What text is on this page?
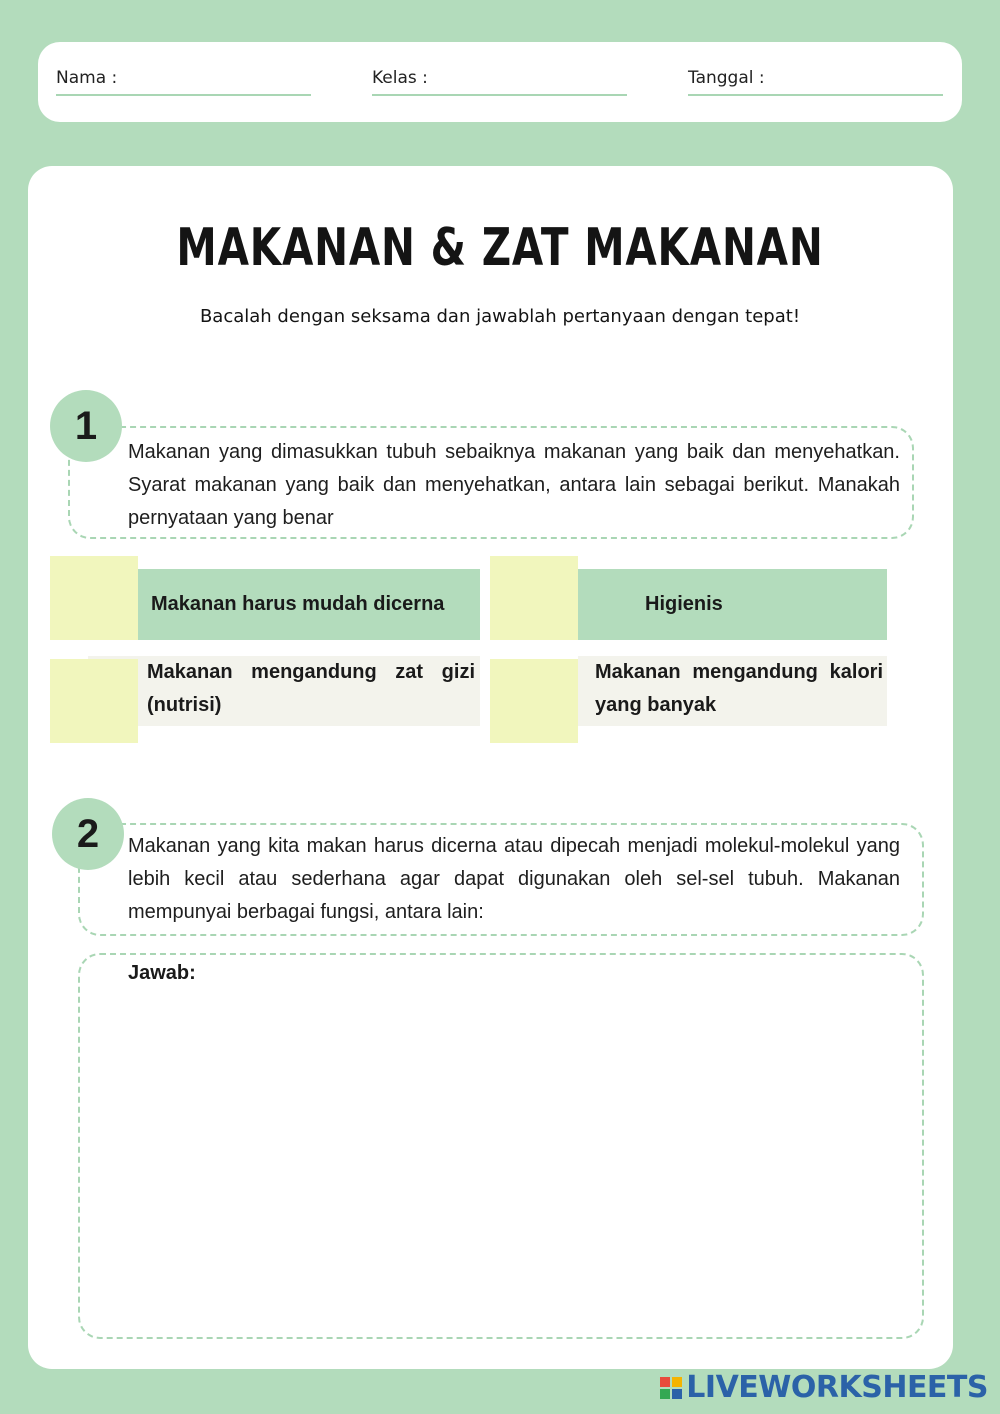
Nama :	Kelas :	Tanggal :
MAKANAN & ZAT MAKANAN
Bacalah dengan seksama dan jawablah pertanyaan dengan tepat!
1
Makanan yang dimasukkan tubuh sebaiknya makanan yang baik dan menyehatkan. Syarat makanan yang baik dan menyehatkan, antara lain sebagai berikut. Manakah pernyataan yang benar
Makanan harus mudah dicerna	Higienis
Makanan mengandung zat gizi (nutrisi)
Makanan mengandung kalori yang banyak
2	Makanan yang kita makan harus dicerna atau dipecah menjadi molekul-molekul yang lebih kecil atau sederhana agar dapat digunakan oleh sel-sel tubuh. Makanan mempunyai berbagai fungsi, antara lain:
Jawab:
LIVEWORKSHEETS
